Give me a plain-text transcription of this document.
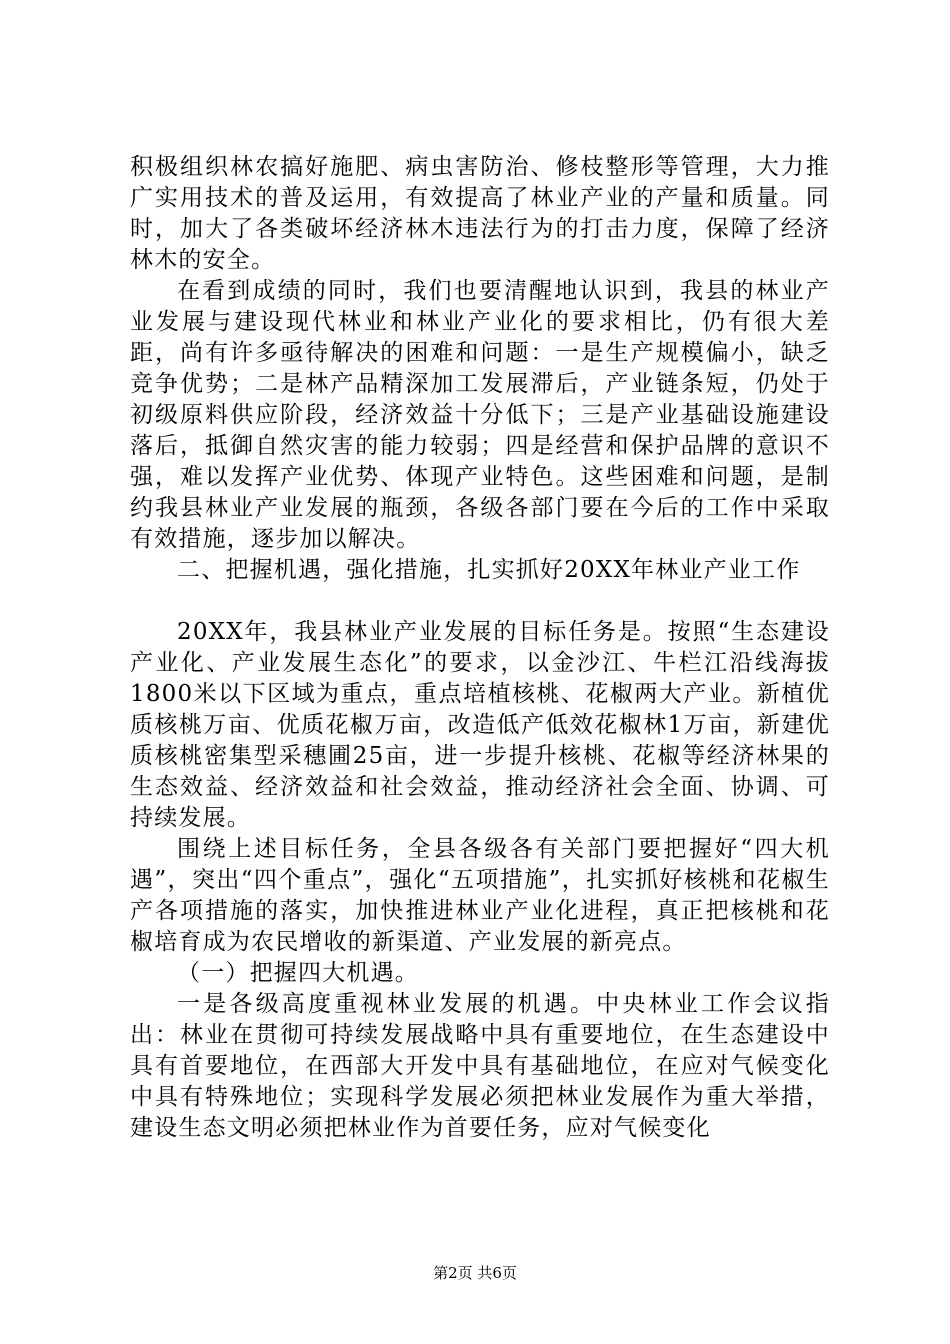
积极组织林农搞好施肥、病虫害防治、修枝整形等管理，大力推广实用技术的普及运用，有效提高了林业产业的产量和质量。同时，加大了各类破坏经济林木违法行为的打击力度，保障了经济林木的安全。

在看到成绩的同时，我们也要清醒地认识到，我县的林业产业发展与建设现代林业和林业产业化的要求相比，仍有很大差距，尚有许多亟待解决的困难和问题：一是生产规模偏小，缺乏竞争优势；二是林产品精深加工发展滞后，产业链条短，仍处于初级原料供应阶段，经济效益十分低下；三是产业基础设施建设落后，抵御自然灾害的能力较弱；四是经营和保护品牌的意识不强，难以发挥产业优势、体现产业特色。这些困难和问题，是制约我县林业产业发展的瓶颈，各级各部门要在今后的工作中采取有效措施，逐步加以解决。

二、把握机遇，强化措施，扎实抓好20XX年林业产业工作

20XX年，我县林业产业发展的目标任务是。按照“生态建设产业化、产业发展生态化”的要求，以金沙江、牛栏江沿线海拔1800米以下区域为重点，重点培植核桃、花椒两大产业。新植优质核桃万亩、优质花椒万亩，改造低产低效花椒林1万亩，新建优质核桃密集型采穗圃25亩，进一步提升核桃、花椒等经济林果的生态效益、经济效益和社会效益，推动经济社会全面、协调、可持续发展。

围绕上述目标任务，全县各级各有关部门要把握好“四大机遇”，突出“四个重点”，强化“五项措施”，扎实抓好核桃和花椒生产各项措施的落实，加快推进林业产业化进程，真正把核桃和花椒培育成为农民增收的新渠道、产业发展的新亮点。

（一）把握四大机遇。

一是各级高度重视林业发展的机遇。中央林业工作会议指出：林业在贯彻可持续发展战略中具有重要地位，在生态建设中具有首要地位，在西部大开发中具有基础地位，在应对气候变化中具有特殊地位；实现科学发展必须把林业发展作为重大举措，建设生态文明必须把林业作为首要任务，应对气候变化

第2页 共6页
